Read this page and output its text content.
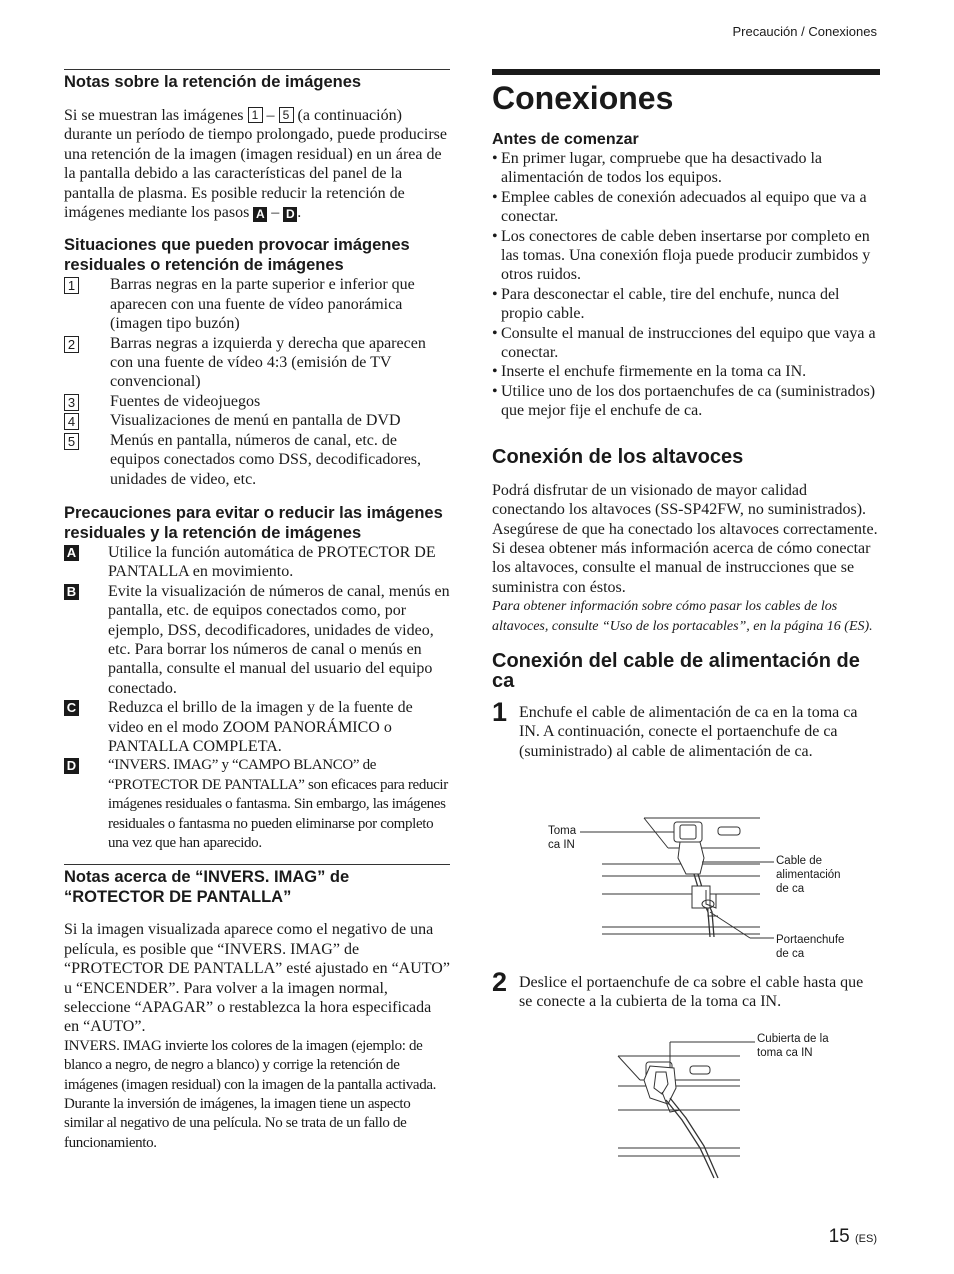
Precaución / Conexiones
Notas sobre la retención de imágenes

Si se muestran las imágenes 1 – 5 (a continuación) durante un período de tiempo prolongado, puede producirse una retención de la imagen (imagen residual) en un área de la pantalla debido a las características del panel de la pantalla de plasma. Es posible reducir la retención de imágenes mediante los pasos A – D .

Situaciones que pueden provocar imágenes residuales o retención de imágenes
1 Barras negras en la parte superior e inferior que aparecen con una fuente de vídeo panorámica (imagen tipo buzón)
2 Barras negras a izquierda y derecha que aparecen con una fuente de vídeo 4:3 (emisión de TV convencional)
3 Fuentes de videojuegos
4 Visualizaciones de menú en pantalla de DVD
5 Menús en pantalla, números de canal, etc. de equipos conectados como DSS, decodificadores, unidades de video, etc.
Precauciones para evitar o reducir las imágenes residuales y la retención de imágenes
A Utilice la función automática de PROTECTOR DE PANTALLA en movimiento.
B Evite la visualización de números de canal, menús en pantalla, etc. de equipos conectados como, por ejemplo, DSS, decodificadores, unidades de video, etc. Para borrar los números de canal o menús en pantalla, consulte el manual del usuario del equipo conectado.
C Reduzca el brillo de la imagen y de la fuente de video en el modo ZOOM PANORÁMICO o PANTALLA COMPLETA.
D “INVERS. IMAG” y “CAMPO BLANCO” de “PROTECTOR DE PANTALLA” son eficaces para reducir imágenes residuales o fantasma. Sin embargo, las imágenes residuales o fantasma no pueden eliminarse por completo una vez que han aparecido.
Notas acerca de “INVERS. IMAG” de “ROTECTOR DE PANTALLA”

Si la imagen visualizada aparece como el negativo de una película, es posible que “INVERS. IMAG” de “PROTECTOR DE PANTALLA” esté ajustado en “AUTO” u “ENCENDER”. Para volver a la imagen normal, seleccione “APAGAR” o restablezca la hora especificada en “AUTO”.

INVERS. IMAG invierte los colores de la imagen (ejemplo: de blanco a negro, de negro a blanco) y corrige la retención de imágenes (imagen residual) con la imagen de la pantalla activada. Durante la inversión de imágenes, la imagen tiene un aspecto similar al negativo de una película. No se trata de un fallo de funcionamiento.

Conexiones
Antes de comenzar
• En primer lugar, compruebe que ha desactivado la alimentación de todos los equipos.
• Emplee cables de conexión adecuados al equipo que va a conectar.
• Los conectores de cable deben insertarse por completo en las tomas. Una conexión floja puede producir zumbidos y otros ruidos.
• Para desconectar el cable, tire del enchufe, nunca del propio cable.
• Consulte el manual de instrucciones del equipo que vaya a conectar.
• Inserte el enchufe firmemente en la toma ca IN.
• Utilice uno de los dos portaenchufes de ca (suministrados) que mejor fije el enchufe de ca.
Conexión de los altavoces

Podrá disfrutar de un visionado de mayor calidad conectando los altavoces (SS-SP42FW, no suministrados). Asegúrese de que ha conectado los altavoces correctamente. Si desea obtener más información acerca de cómo conectar los altavoces, consulte el manual de instrucciones que se suministra con éstos.

Para obtener información sobre cómo pasar los cables de los altavoces, consulte “Uso de los portacables”, en la página 16 (ES).

Conexión del cable de alimentación de ca
1 Enchufe el cable de alimentación de ca en la toma ca IN. A continuación, conecte el portaenchufe de ca (suministrado) al cable de alimentación de ca.
Toma
ca IN
Cable de
alimentación
de ca
Portaenchufe
de ca
2 Deslice el portaenchufe de ca sobre el cable hasta que se conecte a la cubierta de la toma ca IN.
Cubierta de la
toma ca IN
15 (ES)
